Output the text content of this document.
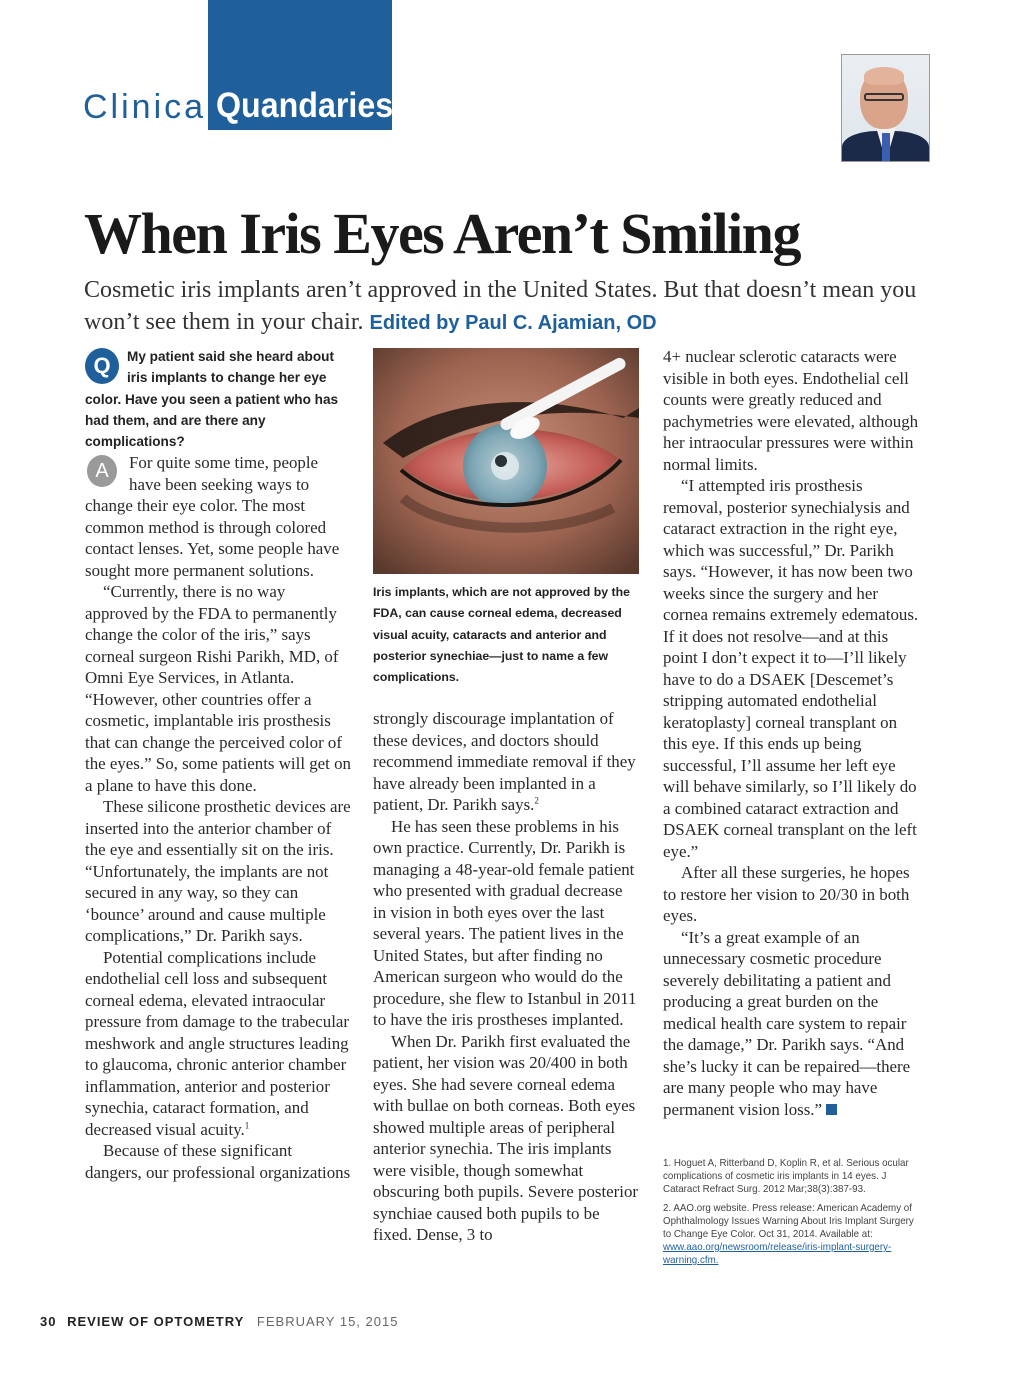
Clinical Quandaries
When Iris Eyes Aren’t Smiling
Cosmetic iris implants aren’t approved in the United States. But that doesn’t mean you won’t see them in your chair. Edited by Paul C. Ajamian, OD
Q	My patient said she heard about iris implants to change her eye color. Have you seen a patient who has had them, and are there any complications?

A	For quite some time, people have been seeking ways to change their eye color. The most common method is through colored contact lenses. Yet, some people have sought more permanent solutions.

“Currently, there is no way approved by the FDA to permanently change the color of the iris,” says corneal surgeon Rishi Parikh, MD, of Omni Eye Services, in Atlanta. “However, other countries offer a cosmetic, implantable iris prosthesis that can change the perceived color of the eyes.” So, some patients will get on a plane to have this done.

These silicone prosthetic devices are inserted into the anterior chamber of the eye and essentially sit on the iris. “Unfortunately, the implants are not secured in any way, so they can ‘bounce’ around and cause multiple complications,” Dr. Parikh says.

Potential complications include endothelial cell loss and subsequent corneal edema, elevated intraocular pressure from damage to the trabecular meshwork and angle structures leading to glaucoma, chronic anterior chamber inflammation, anterior and posterior synechia, cataract formation, and decreased visual acuity.$^1$

Because of these significant dangers, our professional organizations

Iris implants, which are not approved by the FDA, can cause corneal edema, decreased visual acuity, cataracts and anterior and posterior synechiae—just to name a few complications.

strongly discourage implantation of these devices, and doctors should recommend immediate removal if they have already been implanted in a patient, Dr. Parikh says.$^2$

He has seen these problems in his own practice. Currently, Dr. Parikh is managing a 48-year-old female patient who presented with gradual decrease in vision in both eyes over the last several years. The patient lives in the United States, but after finding no American surgeon who would do the procedure, she flew to Istanbul in 2011 to have the iris prostheses implanted.

When Dr. Parikh first evaluated the patient, her vision was 20/400 in both eyes. She had severe corneal edema with bullae on both corneas. Both eyes showed multiple areas of peripheral anterior synechia. The iris implants were visible, though somewhat obscuring both pupils. Severe posterior synchiae caused both pupils to be fixed. Dense, 3 to

4+ nuclear sclerotic cataracts were visible in both eyes. Endothelial cell counts were greatly reduced and pachymetries were elevated, although her intraocular pressures were within normal limits.

“I attempted iris prosthesis removal, posterior synechialysis and cataract extraction in the right eye, which was successful,” Dr. Parikh says. “However, it has now been two weeks since the surgery and her cornea remains extremely edematous. If it does not resolve—and at this point I don’t expect it to—I’ll likely have to do a DSAEK [Descemet’s stripping automated endothelial keratoplasty] corneal transplant on this eye. If this ends up being successful, I’ll assume her left eye will behave similarly, so I’ll likely do a combined cataract extraction and DSAEK corneal transplant on the left eye.”

After all these surgeries, he hopes to restore her vision to 20/30 in both eyes.

“It’s a great example of an unnecessary cosmetic procedure severely debilitating a patient and producing a great burden on the medical health care system to repair the damage,” Dr. Parikh says. “And she’s lucky it can be repaired—there are many people who may have permanent vision loss.”

1. Hoguet A, Ritterband D, Koplin R, et al. Serious ocular complications of cosmetic iris implants in 14 eyes. J Cataract Refract Surg. 2012 Mar;38(3):387-93.

2. AAO.org website. Press release: American Academy of Ophthalmology Issues Warning About Iris Implant Surgery to Change Eye Color. Oct 31, 2014. Available at: www.aao.org/newsroom/release/iris-implant-surgery-warning.cfm.

30 REVIEW OF OPTOMETRY FEBRUARY 15, 2015
